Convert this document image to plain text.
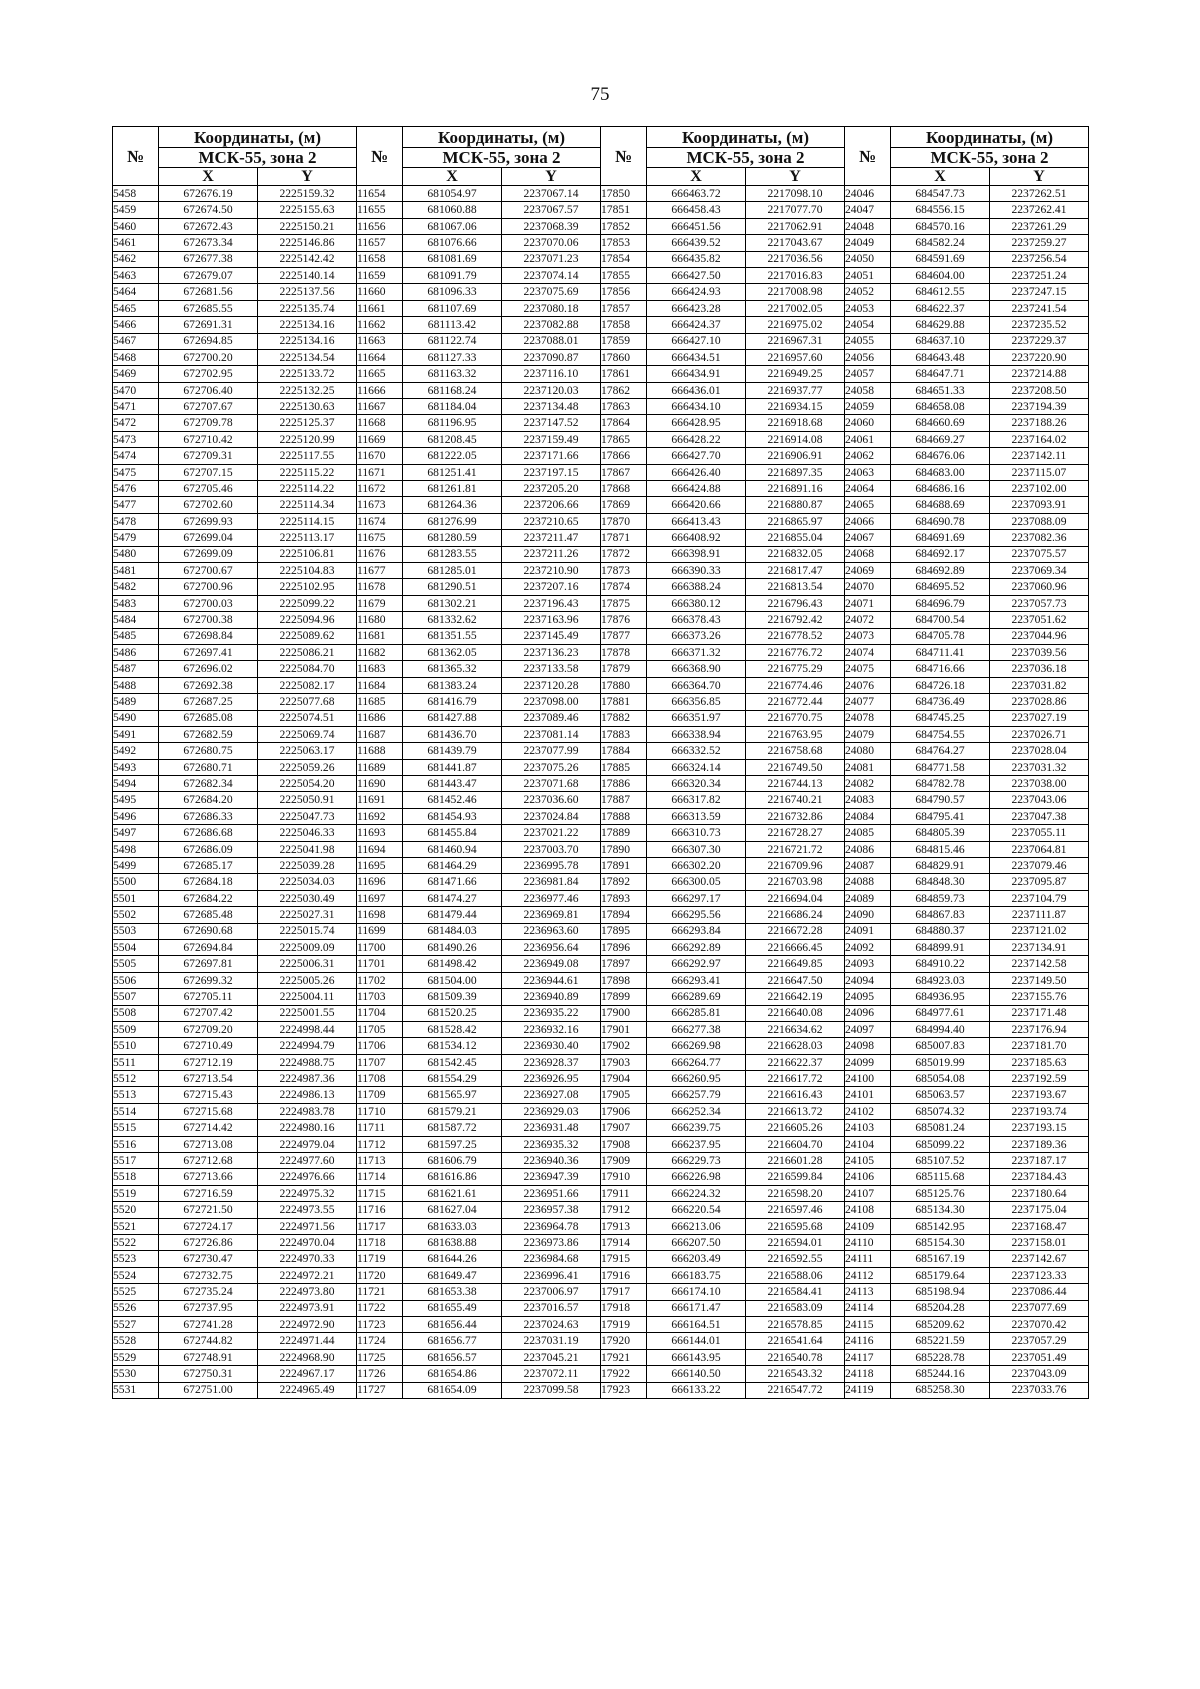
75
№	Координаты, (м)		№	Координаты, (м)		№	Координаты, (м)		№	Координаты, (м)	
	МСК-55, зона 2			МСК-55, зона 2			МСК-55, зона 2			МСК-55, зона 2	
	X	Y		X	Y		X	Y		X	Y
5458	672676.19	2225159.32	11654	681054.97	2237067.14	17850	666463.72	2217098.10	24046	684547.73	2237262.51
5459	672674.50	2225155.63	11655	681060.88	2237067.57	17851	666458.43	2217077.70	24047	684556.15	2237262.41
5460	672672.43	2225150.21	11656	681067.06	2237068.39	17852	666451.56	2217062.91	24048	684570.16	2237261.29
5461	672673.34	2225146.86	11657	681076.66	2237070.06	17853	666439.52	2217043.67	24049	684582.24	2237259.27
5462	672677.38	2225142.42	11658	681081.69	2237071.23	17854	666435.82	2217036.56	24050	684591.69	2237256.54
5463	672679.07	2225140.14	11659	681091.79	2237074.14	17855	666427.50	2217016.83	24051	684604.00	2237251.24
5464	672681.56	2225137.56	11660	681096.33	2237075.69	17856	666424.93	2217008.98	24052	684612.55	2237247.15
5465	672685.55	2225135.74	11661	681107.69	2237080.18	17857	666423.28	2217002.05	24053	684622.37	2237241.54
5466	672691.31	2225134.16	11662	681113.42	2237082.88	17858	666424.37	2216975.02	24054	684629.88	2237235.52
5467	672694.85	2225134.16	11663	681122.74	2237088.01	17859	666427.10	2216967.31	24055	684637.10	2237229.37
5468	672700.20	2225134.54	11664	681127.33	2237090.87	17860	666434.51	2216957.60	24056	684643.48	2237220.90
5469	672702.95	2225133.72	11665	681163.32	2237116.10	17861	666434.91	2216949.25	24057	684647.71	2237214.88
5470	672706.40	2225132.25	11666	681168.24	2237120.03	17862	666436.01	2216937.77	24058	684651.33	2237208.50
5471	672707.67	2225130.63	11667	681184.04	2237134.48	17863	666434.10	2216934.15	24059	684658.08	2237194.39
5472	672709.78	2225125.37	11668	681196.95	2237147.52	17864	666428.95	2216918.68	24060	684660.69	2237188.26
5473	672710.42	2225120.99	11669	681208.45	2237159.49	17865	666428.22	2216914.08	24061	684669.27	2237164.02
5474	672709.31	2225117.55	11670	681222.05	2237171.66	17866	666427.70	2216906.91	24062	684676.06	2237142.11
5475	672707.15	2225115.22	11671	681251.41	2237197.15	17867	666426.40	2216897.35	24063	684683.00	2237115.07
5476	672705.46	2225114.22	11672	681261.81	2237205.20	17868	666424.88	2216891.16	24064	684686.16	2237102.00
5477	672702.60	2225114.34	11673	681264.36	2237206.66	17869	666420.66	2216880.87	24065	684688.69	2237093.91
5478	672699.93	2225114.15	11674	681276.99	2237210.65	17870	666413.43	2216865.97	24066	684690.78	2237088.09
5479	672699.04	2225113.17	11675	681280.59	2237211.47	17871	666408.92	2216855.04	24067	684691.69	2237082.36
5480	672699.09	2225106.81	11676	681283.55	2237211.26	17872	666398.91	2216832.05	24068	684692.17	2237075.57
5481	672700.67	2225104.83	11677	681285.01	2237210.90	17873	666390.33	2216817.47	24069	684692.89	2237069.34
5482	672700.96	2225102.95	11678	681290.51	2237207.16	17874	666388.24	2216813.54	24070	684695.52	2237060.96
5483	672700.03	2225099.22	11679	681302.21	2237196.43	17875	666380.12	2216796.43	24071	684696.79	2237057.73
5484	672700.38	2225094.96	11680	681332.62	2237163.96	17876	666378.43	2216792.42	24072	684700.54	2237051.62
5485	672698.84	2225089.62	11681	681351.55	2237145.49	17877	666373.26	2216778.52	24073	684705.78	2237044.96
5486	672697.41	2225086.21	11682	681362.05	2237136.23	17878	666371.32	2216776.72	24074	684711.41	2237039.56
5487	672696.02	2225084.70	11683	681365.32	2237133.58	17879	666368.90	2216775.29	24075	684716.66	2237036.18
5488	672692.38	2225082.17	11684	681383.24	2237120.28	17880	666364.70	2216774.46	24076	684726.18	2237031.82
5489	672687.25	2225077.68	11685	681416.79	2237098.00	17881	666356.85	2216772.44	24077	684736.49	2237028.86
5490	672685.08	2225074.51	11686	681427.88	2237089.46	17882	666351.97	2216770.75	24078	684745.25	2237027.19
5491	672682.59	2225069.74	11687	681436.70	2237081.14	17883	666338.94	2216763.95	24079	684754.55	2237026.71
5492	672680.75	2225063.17	11688	681439.79	2237077.99	17884	666332.52	2216758.68	24080	684764.27	2237028.04
5493	672680.71	2225059.26	11689	681441.87	2237075.26	17885	666324.14	2216749.50	24081	684771.58	2237031.32
5494	672682.34	2225054.20	11690	681443.47	2237071.68	17886	666320.34	2216744.13	24082	684782.78	2237038.00
5495	672684.20	2225050.91	11691	681452.46	2237036.60	17887	666317.82	2216740.21	24083	684790.57	2237043.06
5496	672686.33	2225047.73	11692	681454.93	2237024.84	17888	666313.59	2216732.86	24084	684795.41	2237047.38
5497	672686.68	2225046.33	11693	681455.84	2237021.22	17889	666310.73	2216728.27	24085	684805.39	2237055.11
5498	672686.09	2225041.98	11694	681460.94	2237003.70	17890	666307.30	2216721.72	24086	684815.46	2237064.81
5499	672685.17	2225039.28	11695	681464.29	2236995.78	17891	666302.20	2216709.96	24087	684829.91	2237079.46
5500	672684.18	2225034.03	11696	681471.66	2236981.84	17892	666300.05	2216703.98	24088	684848.30	2237095.87
5501	672684.22	2225030.49	11697	681474.27	2236977.46	17893	666297.17	2216694.04	24089	684859.73	2237104.79
5502	672685.48	2225027.31	11698	681479.44	2236969.81	17894	666295.56	2216686.24	24090	684867.83	2237111.87
5503	672690.68	2225015.74	11699	681484.03	2236963.60	17895	666293.84	2216672.28	24091	684880.37	2237121.02
5504	672694.84	2225009.09	11700	681490.26	2236956.64	17896	666292.89	2216666.45	24092	684899.91	2237134.91
5505	672697.81	2225006.31	11701	681498.42	2236949.08	17897	666292.97	2216649.85	24093	684910.22	2237142.58
5506	672699.32	2225005.26	11702	681504.00	2236944.61	17898	666293.41	2216647.50	24094	684923.03	2237149.50
5507	672705.11	2225004.11	11703	681509.39	2236940.89	17899	666289.69	2216642.19	24095	684936.95	2237155.76
5508	672707.42	2225001.55	11704	681520.25	2236935.22	17900	666285.81	2216640.08	24096	684977.61	2237171.48
5509	672709.20	2224998.44	11705	681528.42	2236932.16	17901	666277.38	2216634.62	24097	684994.40	2237176.94
5510	672710.49	2224994.79	11706	681534.12	2236930.40	17902	666269.98	2216628.03	24098	685007.83	2237181.70
5511	672712.19	2224988.75	11707	681542.45	2236928.37	17903	666264.77	2216622.37	24099	685019.99	2237185.63
5512	672713.54	2224987.36	11708	681554.29	2236926.95	17904	666260.95	2216617.72	24100	685054.08	2237192.59
5513	672715.43	2224986.13	11709	681565.97	2236927.08	17905	666257.79	2216616.43	24101	685063.57	2237193.67
5514	672715.68	2224983.78	11710	681579.21	2236929.03	17906	666252.34	2216613.72	24102	685074.32	2237193.74
5515	672714.42	2224980.16	11711	681587.72	2236931.48	17907	666239.75	2216605.26	24103	685081.24	2237193.15
5516	672713.08	2224979.04	11712	681597.25	2236935.32	17908	666237.95	2216604.70	24104	685099.22	2237189.36
5517	672712.68	2224977.60	11713	681606.79	2236940.36	17909	666229.73	2216601.28	24105	685107.52	2237187.17
5518	672713.66	2224976.66	11714	681616.86	2236947.39	17910	666226.98	2216599.84	24106	685115.68	2237184.43
5519	672716.59	2224975.32	11715	681621.61	2236951.66	17911	666224.32	2216598.20	24107	685125.76	2237180.64
5520	672721.50	2224973.55	11716	681627.04	2236957.38	17912	666220.54	2216597.46	24108	685134.30	2237175.04
5521	672724.17	2224971.56	11717	681633.03	2236964.78	17913	666213.06	2216595.68	24109	685142.95	2237168.47
5522	672726.86	2224970.04	11718	681638.88	2236973.86	17914	666207.50	2216594.01	24110	685154.30	2237158.01
5523	672730.47	2224970.33	11719	681644.26	2236984.68	17915	666203.49	2216592.55	24111	685167.19	2237142.67
5524	672732.75	2224972.21	11720	681649.47	2236996.41	17916	666183.75	2216588.06	24112	685179.64	2237123.33
5525	672735.24	2224973.80	11721	681653.38	2237006.97	17917	666174.10	2216584.41	24113	685198.94	2237086.44
5526	672737.95	2224973.91	11722	681655.49	2237016.57	17918	666171.47	2216583.09	24114	685204.28	2237077.69
5527	672741.28	2224972.90	11723	681656.44	2237024.63	17919	666164.51	2216578.85	24115	685209.62	2237070.42
5528	672744.82	2224971.44	11724	681656.77	2237031.19	17920	666144.01	2216541.64	24116	685221.59	2237057.29
5529	672748.91	2224968.90	11725	681656.57	2237045.21	17921	666143.95	2216540.78	24117	685228.78	2237051.49
5530	672750.31	2224967.17	11726	681654.86	2237072.11	17922	666140.50	2216543.32	24118	685244.16	2237043.09
5531	672751.00	2224965.49	11727	681654.09	2237099.58	17923	666133.22	2216547.72	24119	685258.30	2237033.76
